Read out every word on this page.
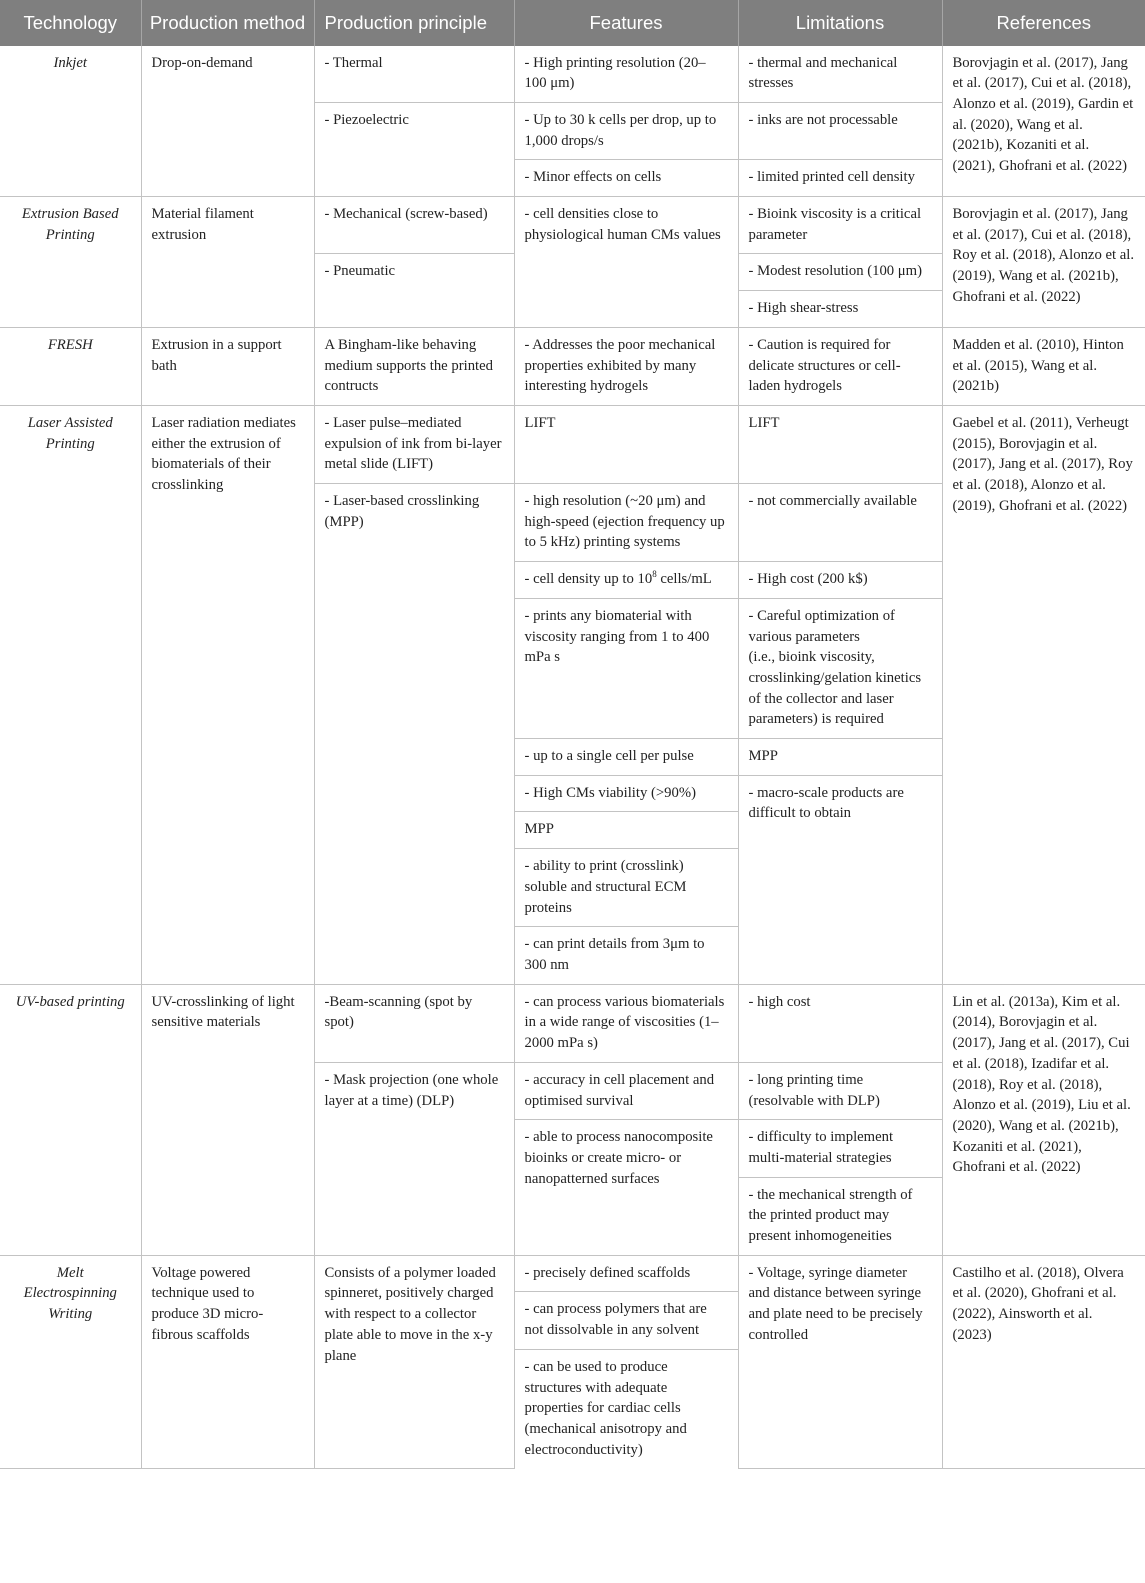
Technology	Production method	Production principle	Features	Limitations	References
Inkjet	Drop-on-demand	- Thermal	- High printing resolution (20–100 μm)	- thermal and mechanical stresses	Borovjagin et al. (2017), Jang et al. (2017), Cui et al. (2018), Alonzo et al. (2019), Gardin et al. (2020), Wang et al. (2021b), Kozaniti et al. (2021), Ghofrani et al. (2022)
		- Piezoelectric	- Up to 30 k cells per drop, up to 1,000 drops/s	- inks are not processable	
			- Minor effects on cells	- limited printed cell density	
Extrusion Based Printing	Material filament extrusion	- Mechanical (screw-based)	- cell densities close to physiological human CMs values	- Bioink viscosity is a critical parameter	Borovjagin et al. (2017), Jang et al. (2017), Cui et al. (2018), Roy et al. (2018), Alonzo et al. (2019), Wang et al. (2021b), Ghofrani et al. (2022)
		- Pneumatic		- Modest resolution (100 μm)	
				- High shear-stress	
FRESH	Extrusion in a support bath	A Bingham-like behaving medium supports the printed contructs	- Addresses the poor mechanical properties exhibited by many interesting hydrogels	- Caution is required for delicate structures or cell-laden hydrogels	Madden et al. (2010), Hinton et al. (2015), Wang et al. (2021b)
Laser Assisted Printing	Laser radiation mediates either the extrusion of biomaterials of their crosslinking	- Laser pulse–mediated expulsion of ink from bi-layer metal slide (LIFT)	LIFT	LIFT	Gaebel et al. (2011), Verheugt (2015), Borovjagin et al. (2017), Jang et al. (2017), Roy et al. (2018), Alonzo et al. (2019), Ghofrani et al. (2022)
		- Laser-based crosslinking (MPP)	- high resolution (~20 μm) and high-speed (ejection frequency up to 5 kHz) printing systems	- not commercially available	
			- cell density up to $10^8$ cells/mL	- High cost (200 k$)	
			- prints any biomaterial with viscosity ranging from 1 to 400 mPa s	- Careful optimization of various parameters
(i.e., bioink viscosity, crosslinking/gelation kinetics of the collector and laser parameters) is required	
			- up to a single cell per pulse	MPP	
			- High CMs viability (>90%)	- macro-scale products are difficult to obtain	
			MPP		
			- ability to print (crosslink) soluble and structural ECM proteins		
			- can print details from 3μm to 300 nm		
UV-based printing	UV-crosslinking of light sensitive materials	-Beam-scanning (spot by spot)	- can process various biomaterials in a wide range of viscosities (1–2000 mPa s)	- high cost	Lin et al. (2013a), Kim et al. (2014), Borovjagin et al. (2017), Jang et al. (2017), Cui et al. (2018), Izadifar et al. (2018), Roy et al. (2018), Alonzo et al. (2019), Liu et al. (2020), Wang et al. (2021b), Kozaniti et al. (2021), Ghofrani et al. (2022)
		- Mask projection (one whole layer at a time) (DLP)	- accuracy in cell placement and optimised survival	- long printing time (resolvable with DLP)	
			- able to process nanocomposite bioinks or create micro- or nanopatterned surfaces	- difficulty to implement multi-material strategies	
				- the mechanical strength of the printed product may present inhomogeneities	
Melt Electrospinning Writing	Voltage powered technique used to produce 3D micro-fibrous scaffolds	Consists of a polymer loaded spinneret, positively charged with respect to a collector plate able to move in the x-y plane	- precisely defined scaffolds	- Voltage, syringe diameter and distance between syringe and plate need to be precisely controlled	Castilho et al. (2018), Olvera et al. (2020), Ghofrani et al. (2022), Ainsworth et al. (2023)
			- can process polymers that are not dissolvable in any solvent		
			- can be used to produce structures with adequate properties for cardiac cells (mechanical anisotropy and electroconductivity)		
